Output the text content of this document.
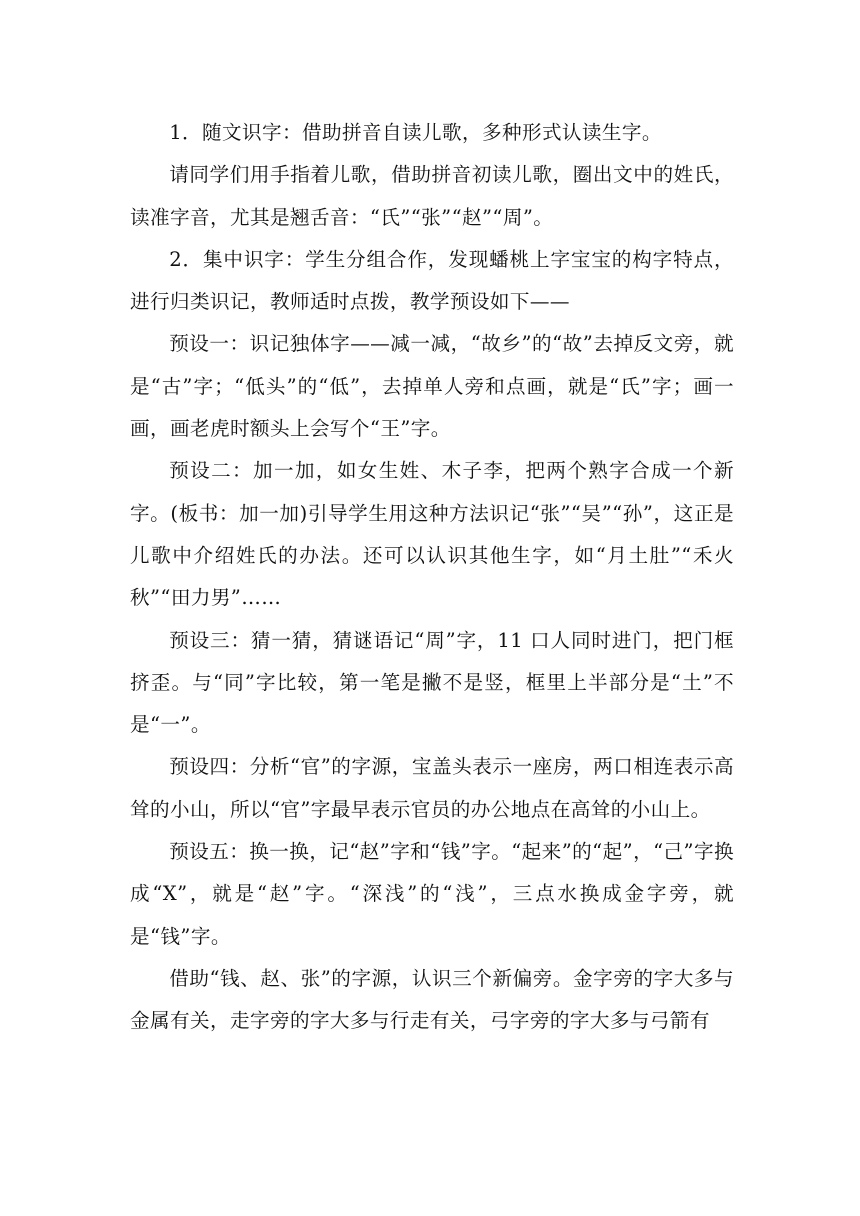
1．随文识字：借助拼音自读儿歌，多种形式认读生字。

请同学们用手指着儿歌，借助拼音初读儿歌，圈出文中的姓氏，读准字音，尤其是翘舌音：“氏”“张”“赵”“周”。

2．集中识字：学生分组合作，发现蟠桃上字宝宝的构字特点，进行归类识记，教师适时点拨，教学预设如下——

预设一：识记独体字——减一减，“故乡”的“故”去掉反文旁，就是“古”字；“低头”的“低”，去掉单人旁和点画，就是“氏”字；画一画，画老虎时额头上会写个“王”字。

预设二：加一加，如女生姓、木子李，把两个熟字合成一个新字。(板书：加一加)引导学生用这种方法识记“张”“吴”“孙”，这正是儿歌中介绍姓氏的办法。还可以认识其他生字，如“月土肚”“禾火秋”“田力男”……

预设三：猜一猜，猜谜语记“周”字，11 口人同时进门，把门框挤歪。与“同”字比较，第一笔是撇不是竖，框里上半部分是“土”不是“一”。

预设四：分析“官”的字源，宝盖头表示一座房，两口相连表示高耸的小山，所以“官”字最早表示官员的办公地点在高耸的小山上。

预设五：换一换，记“赵”字和“钱”字。“起来”的“起”，“己”字换成“X”，就是“赵”字。“深浅”的“浅”，三点水换成金字旁，就是“钱”字。

借助“钱、赵、张”的字源，认识三个新偏旁。金字旁的字大多与金属有关，走字旁的字大多与行走有关，弓字旁的字大多与弓箭有
